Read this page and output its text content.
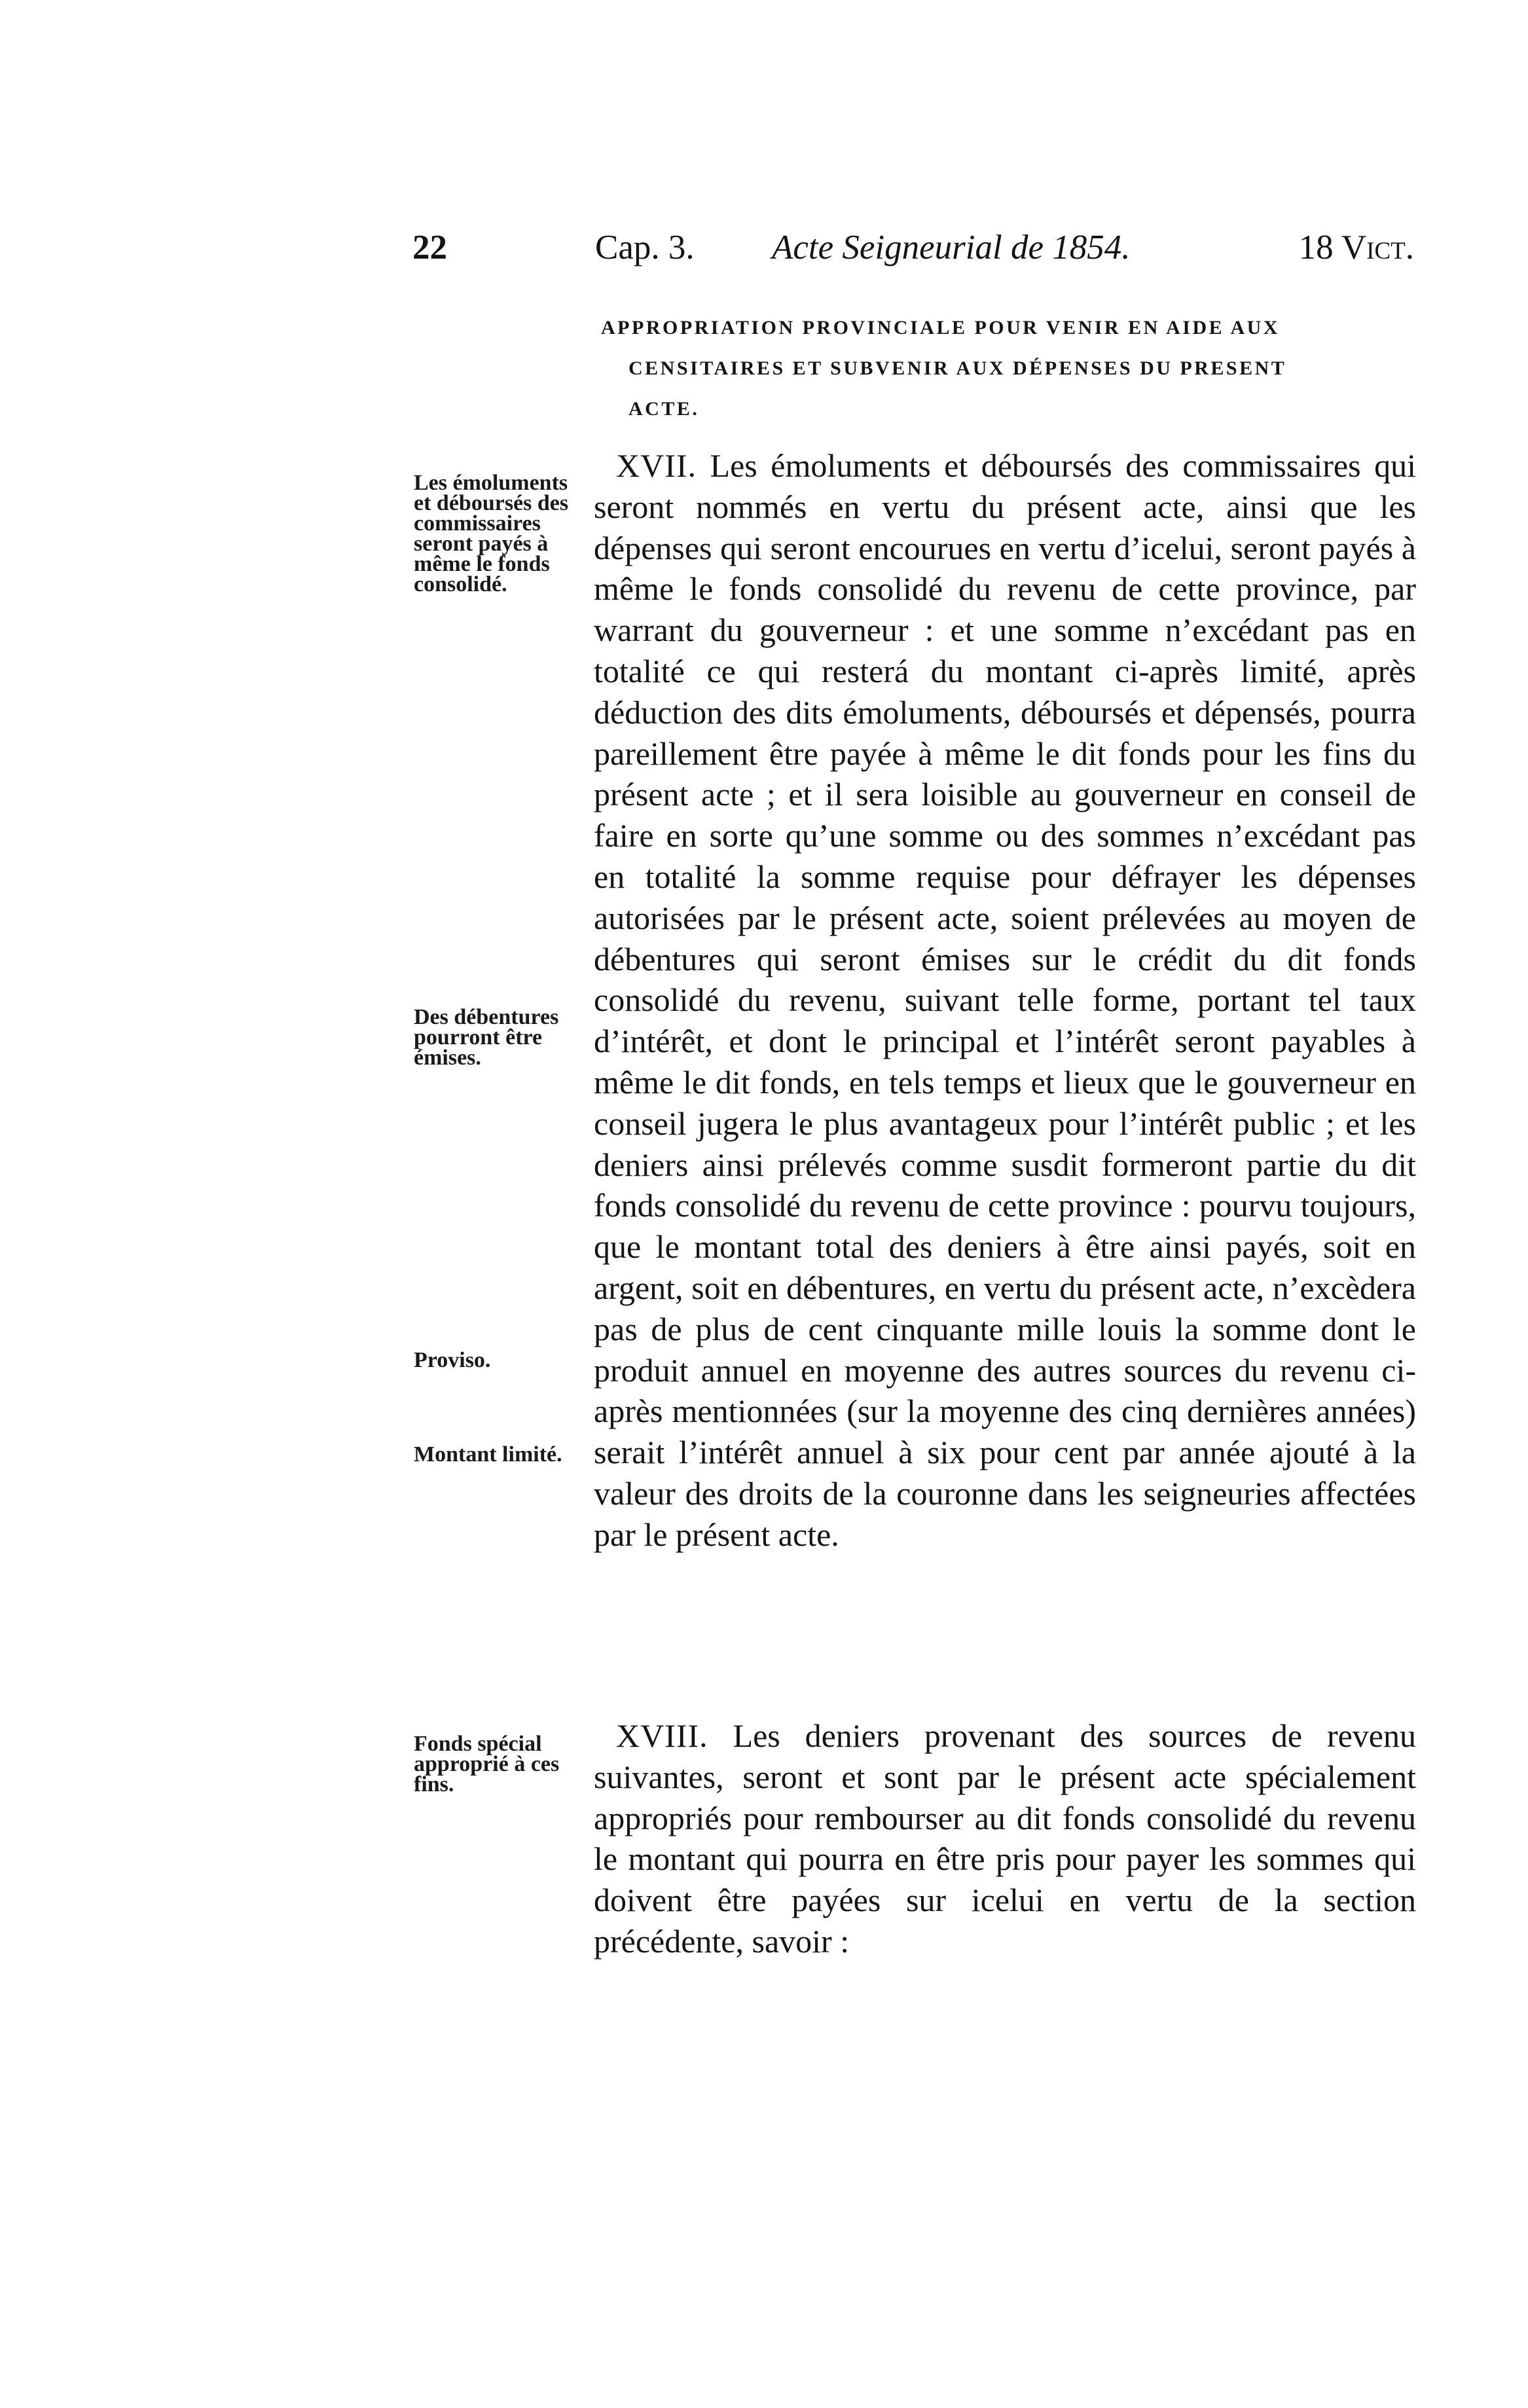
22	Cap. 3. Acte Seigneurial de 1854.	18 Vict.
APPROPRIATION PROVINCIALE POUR VENIR EN AIDE AUX
CENSITAIRES ET SUBVENIR AUX DÉPENSES DU PRESENT
ACTE.
Les émoluments et déboursés des commissaires seront payés à même le fonds consolidé.
Des débentures pourront être émises.
Proviso.
Montant limité.
Fonds spécial approprié à ces fins.

XVII. Les émoluments et déboursés des commissaires qui seront nommés en vertu du présent acte, ainsi que les dépenses qui seront encourues en vertu d’icelui, seront payés à même le fonds consolidé du revenu de cette province, par warrant du gouverneur : et une somme n’excédant pas en totalité ce qui resterá du montant ci-après limité, après déduction des dits émoluments, déboursés et dépensés, pourra pareillement être payée à même le dit fonds pour les fins du présent acte ; et il sera loisible au gouverneur en conseil de faire en sorte qu’une somme ou des sommes n’excédant pas en totalité la somme requise pour défrayer les dépenses autorisées par le présent acte, soient prélevées au moyen de débentures qui seront émises sur le crédit du dit fonds consolidé du revenu, suivant telle forme, portant tel taux d’intérêt, et dont le principal et l’intérêt seront payables à même le dit fonds, en tels temps et lieux que le gouverneur en conseil jugera le plus avantageux pour l’intérêt public ; et les deniers ainsi prélevés comme susdit formeront partie du dit fonds consolidé du revenu de cette province : pourvu toujours, que le montant total des deniers à être ainsi payés, soit en argent, soit en débentures, en vertu du présent acte, n’excèdera pas de plus de cent cinquante mille louis la somme dont le produit annuel en moyenne des autres sources du revenu ci-après mentionnées (sur la moyenne des cinq dernières années) serait l’intérêt annuel à six pour cent par année ajouté à la valeur des droits de la couronne dans les seigneuries affectées par le présent acte.

XVIII. Les deniers provenant des sources de revenu suivantes, seront et sont par le présent acte spécialement appropriés pour rembourser au dit fonds consolidé du revenu le montant qui pourra en être pris pour payer les sommes qui doivent être payées sur icelui en vertu de la section précédente, savoir :
